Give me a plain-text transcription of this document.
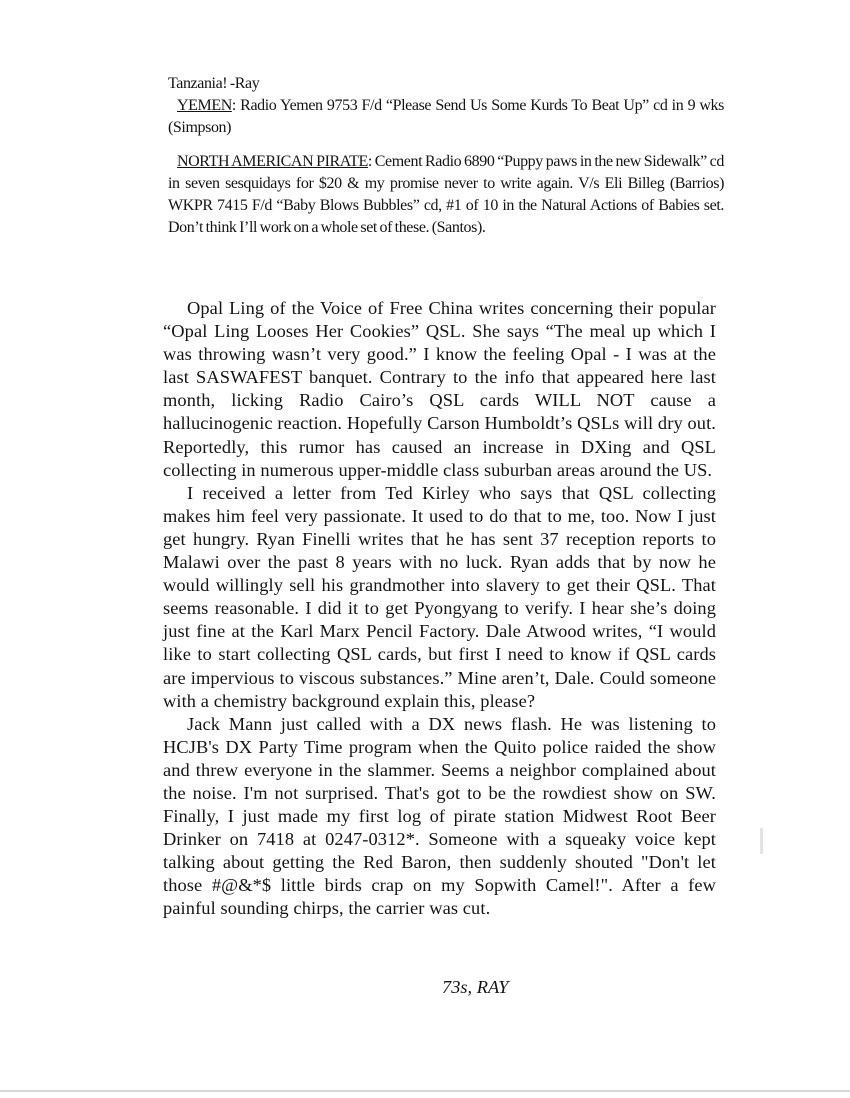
Tanzania! -Ray

YEMEN: Radio Yemen 9753 F/d “Please Send Us Some Kurds To Beat Up” cd in 9 wks (Simpson)

NORTH AMERICAN PIRATE: Cement Radio 6890 “Puppy paws in the new Sidewalk” cd in seven sesquidays for $20 & my promise never to write again. V/s Eli Billeg (Barrios) WKPR 7415 F/d “Baby Blows Bubbles” cd, #1 of 10 in the Natural Actions of Babies set. Don’t think I’ll work on a whole set of these. (Santos).

Opal Ling of the Voice of Free China writes concerning their popular “Opal Ling Looses Her Cookies” QSL. She says “The meal up which I was throwing wasn’t very good.” I know the feeling Opal - I was at the last SASWAFEST banquet. Contrary to the info that appeared here last month, licking Radio Cairo’s QSL cards WILL NOT cause a hallucinogenic reaction. Hopefully Carson Humboldt’s QSLs will dry out. Reportedly, this rumor has caused an increase in DXing and QSL collecting in numerous upper-middle class suburban areas around the US.

I received a letter from Ted Kirley who says that QSL collecting makes him feel very passionate. It used to do that to me, too. Now I just get hungry. Ryan Finelli writes that he has sent 37 reception reports to Malawi over the past 8 years with no luck. Ryan adds that by now he would willingly sell his grandmother into slavery to get their QSL. That seems reasonable. I did it to get Pyongyang to verify. I hear she’s doing just fine at the Karl Marx Pencil Factory. Dale Atwood writes, “I would like to start collecting QSL cards, but first I need to know if QSL cards are impervious to viscous substances.” Mine aren’t, Dale. Could someone with a chemistry background explain this, please?

Jack Mann just called with a DX news flash. He was listening to HCJB's DX Party Time program when the Quito police raided the show and threw everyone in the slammer. Seems a neighbor complained about the noise. I'm not surprised. That's got to be the rowdiest show on SW. Finally, I just made my first log of pirate station Midwest Root Beer Drinker on 7418 at 0247-0312*. Someone with a squeaky voice kept talking about getting the Red Baron, then suddenly shouted "Don't let those #@&*$ little birds crap on my Sopwith Camel!". After a few painful sounding chirps, the carrier was cut.

73s, RAY
